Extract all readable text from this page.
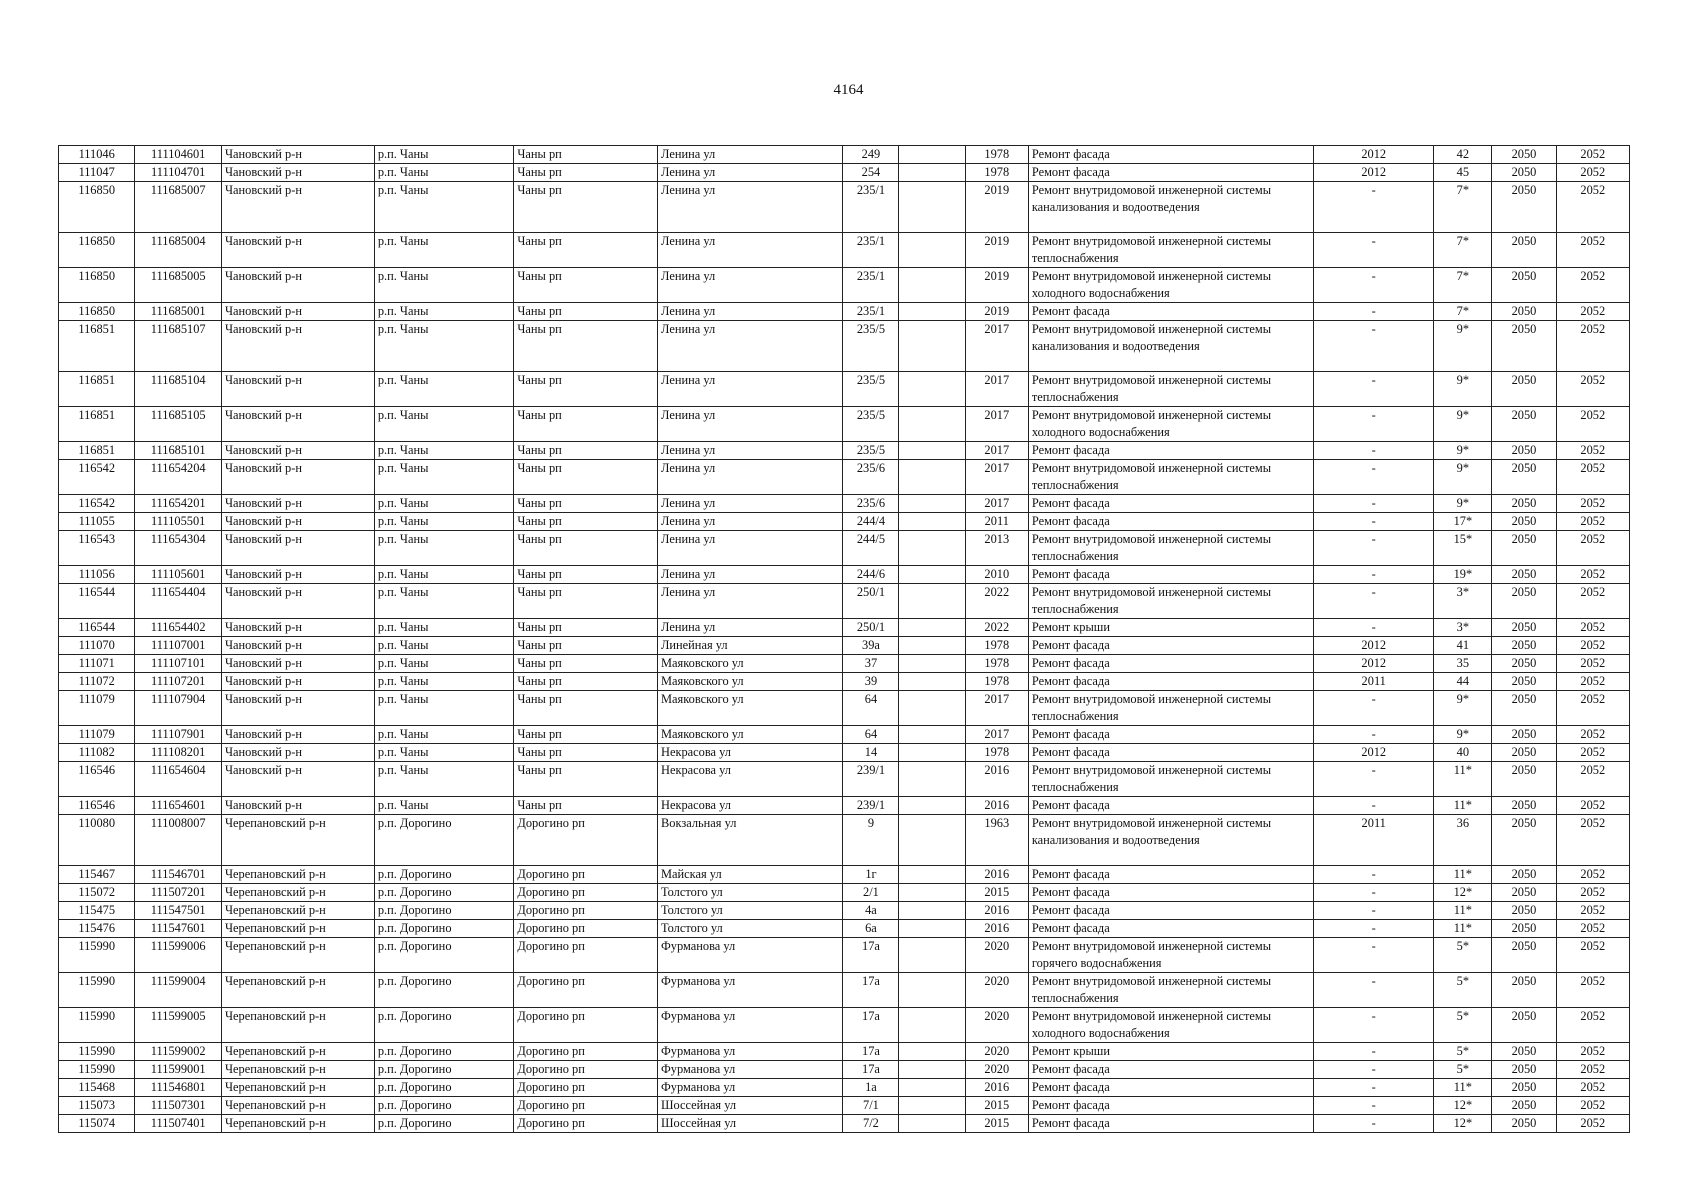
4164
111046	111104601	Чановский р-н	р.п. Чаны	Чаны рп	Ленина ул	249		1978	Ремонт фасада	2012	42	2050	2052
111047	111104701	Чановский р-н	р.п. Чаны	Чаны рп	Ленина ул	254		1978	Ремонт фасада	2012	45	2050	2052
116850	111685007	Чановский р-н	р.п. Чаны	Чаны рп	Ленина ул	235/1		2019	Ремонт внутридомовой инженерной системы канализования и водоотведения	-	7*	2050	2052
116850	111685004	Чановский р-н	р.п. Чаны	Чаны рп	Ленина ул	235/1		2019	Ремонт внутридомовой инженерной системы теплоснабжения	-	7*	2050	2052
116850	111685005	Чановский р-н	р.п. Чаны	Чаны рп	Ленина ул	235/1		2019	Ремонт внутридомовой инженерной системы холодного водоснабжения	-	7*	2050	2052
116850	111685001	Чановский р-н	р.п. Чаны	Чаны рп	Ленина ул	235/1		2019	Ремонт фасада	-	7*	2050	2052
116851	111685107	Чановский р-н	р.п. Чаны	Чаны рп	Ленина ул	235/5		2017	Ремонт внутридомовой инженерной системы канализования и водоотведения	-	9*	2050	2052
116851	111685104	Чановский р-н	р.п. Чаны	Чаны рп	Ленина ул	235/5		2017	Ремонт внутридомовой инженерной системы теплоснабжения	-	9*	2050	2052
116851	111685105	Чановский р-н	р.п. Чаны	Чаны рп	Ленина ул	235/5		2017	Ремонт внутридомовой инженерной системы холодного водоснабжения	-	9*	2050	2052
116851	111685101	Чановский р-н	р.п. Чаны	Чаны рп	Ленина ул	235/5		2017	Ремонт фасада	-	9*	2050	2052
116542	111654204	Чановский р-н	р.п. Чаны	Чаны рп	Ленина ул	235/6		2017	Ремонт внутридомовой инженерной системы теплоснабжения	-	9*	2050	2052
116542	111654201	Чановский р-н	р.п. Чаны	Чаны рп	Ленина ул	235/6		2017	Ремонт фасада	-	9*	2050	2052
111055	111105501	Чановский р-н	р.п. Чаны	Чаны рп	Ленина ул	244/4		2011	Ремонт фасада	-	17*	2050	2052
116543	111654304	Чановский р-н	р.п. Чаны	Чаны рп	Ленина ул	244/5		2013	Ремонт внутридомовой инженерной системы теплоснабжения	-	15*	2050	2052
111056	111105601	Чановский р-н	р.п. Чаны	Чаны рп	Ленина ул	244/6		2010	Ремонт фасада	-	19*	2050	2052
116544	111654404	Чановский р-н	р.п. Чаны	Чаны рп	Ленина ул	250/1		2022	Ремонт внутридомовой инженерной системы теплоснабжения	-	3*	2050	2052
116544	111654402	Чановский р-н	р.п. Чаны	Чаны рп	Ленина ул	250/1		2022	Ремонт крыши	-	3*	2050	2052
111070	111107001	Чановский р-н	р.п. Чаны	Чаны рп	Линейная ул	39а		1978	Ремонт фасада	2012	41	2050	2052
111071	111107101	Чановский р-н	р.п. Чаны	Чаны рп	Маяковского ул	37		1978	Ремонт фасада	2012	35	2050	2052
111072	111107201	Чановский р-н	р.п. Чаны	Чаны рп	Маяковского ул	39		1978	Ремонт фасада	2011	44	2050	2052
111079	111107904	Чановский р-н	р.п. Чаны	Чаны рп	Маяковского ул	64		2017	Ремонт внутридомовой инженерной системы теплоснабжения	-	9*	2050	2052
111079	111107901	Чановский р-н	р.п. Чаны	Чаны рп	Маяковского ул	64		2017	Ремонт фасада	-	9*	2050	2052
111082	111108201	Чановский р-н	р.п. Чаны	Чаны рп	Некрасова ул	14		1978	Ремонт фасада	2012	40	2050	2052
116546	111654604	Чановский р-н	р.п. Чаны	Чаны рп	Некрасова ул	239/1		2016	Ремонт внутридомовой инженерной системы теплоснабжения	-	11*	2050	2052
116546	111654601	Чановский р-н	р.п. Чаны	Чаны рп	Некрасова ул	239/1		2016	Ремонт фасада	-	11*	2050	2052
110080	111008007	Черепановский р-н	р.п. Дорогино	Дорогино рп	Вокзальная ул	9		1963	Ремонт внутридомовой инженерной системы канализования и водоотведения	2011	36	2050	2052
115467	111546701	Черепановский р-н	р.п. Дорогино	Дорогино рп	Майская ул	1г		2016	Ремонт фасада	-	11*	2050	2052
115072	111507201	Черепановский р-н	р.п. Дорогино	Дорогино рп	Толстого ул	2/1		2015	Ремонт фасада	-	12*	2050	2052
115475	111547501	Черепановский р-н	р.п. Дорогино	Дорогино рп	Толстого ул	4а		2016	Ремонт фасада	-	11*	2050	2052
115476	111547601	Черепановский р-н	р.п. Дорогино	Дорогино рп	Толстого ул	6а		2016	Ремонт фасада	-	11*	2050	2052
115990	111599006	Черепановский р-н	р.п. Дорогино	Дорогино рп	Фурманова ул	17а		2020	Ремонт внутридомовой инженерной системы горячего водоснабжения	-	5*	2050	2052
115990	111599004	Черепановский р-н	р.п. Дорогино	Дорогино рп	Фурманова ул	17а		2020	Ремонт внутридомовой инженерной системы теплоснабжения	-	5*	2050	2052
115990	111599005	Черепановский р-н	р.п. Дорогино	Дорогино рп	Фурманова ул	17а		2020	Ремонт внутридомовой инженерной системы холодного водоснабжения	-	5*	2050	2052
115990	111599002	Черепановский р-н	р.п. Дорогино	Дорогино рп	Фурманова ул	17а		2020	Ремонт крыши	-	5*	2050	2052
115990	111599001	Черепановский р-н	р.п. Дорогино	Дорогино рп	Фурманова ул	17а		2020	Ремонт фасада	-	5*	2050	2052
115468	111546801	Черепановский р-н	р.п. Дорогино	Дорогино рп	Фурманова ул	1а		2016	Ремонт фасада	-	11*	2050	2052
115073	111507301	Черепановский р-н	р.п. Дорогино	Дорогино рп	Шоссейная ул	7/1		2015	Ремонт фасада	-	12*	2050	2052
115074	111507401	Черепановский р-н	р.п. Дорогино	Дорогино рп	Шоссейная ул	7/2		2015	Ремонт фасада	-	12*	2050	2052
